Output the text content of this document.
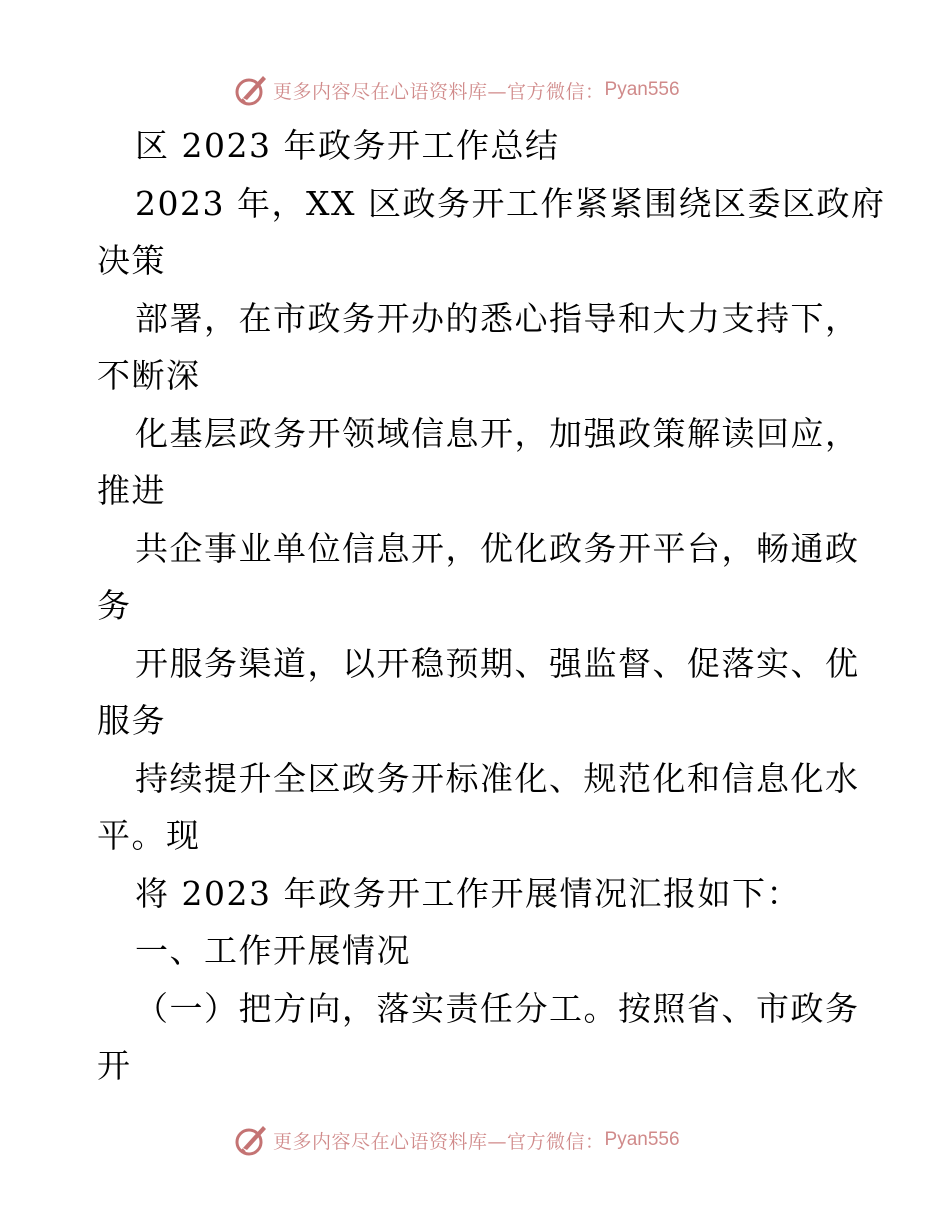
更多内容尽在心语资料库—官方微信： Pyan556
区 2023 年政务开工作总结
2023 年，XX 区政务开工作紧紧围绕区委区政府
决策
部署，在市政务开办的悉心指导和大力支持下，
不断深
化基层政务开领域信息开，加强政策解读回应，
推进
共企事业单位信息开，优化政务开平台，畅通政
务
开服务渠道，以开稳预期、强监督、促落实、优
服务
持续提升全区政务开标准化、规范化和信息化水
平。现
将 2023 年政务开工作开展情况汇报如下：
一、工作开展情况
（一）把方向，落实责任分工。按照省、市政务
开
更多内容尽在心语资料库—官方微信： Pyan556
